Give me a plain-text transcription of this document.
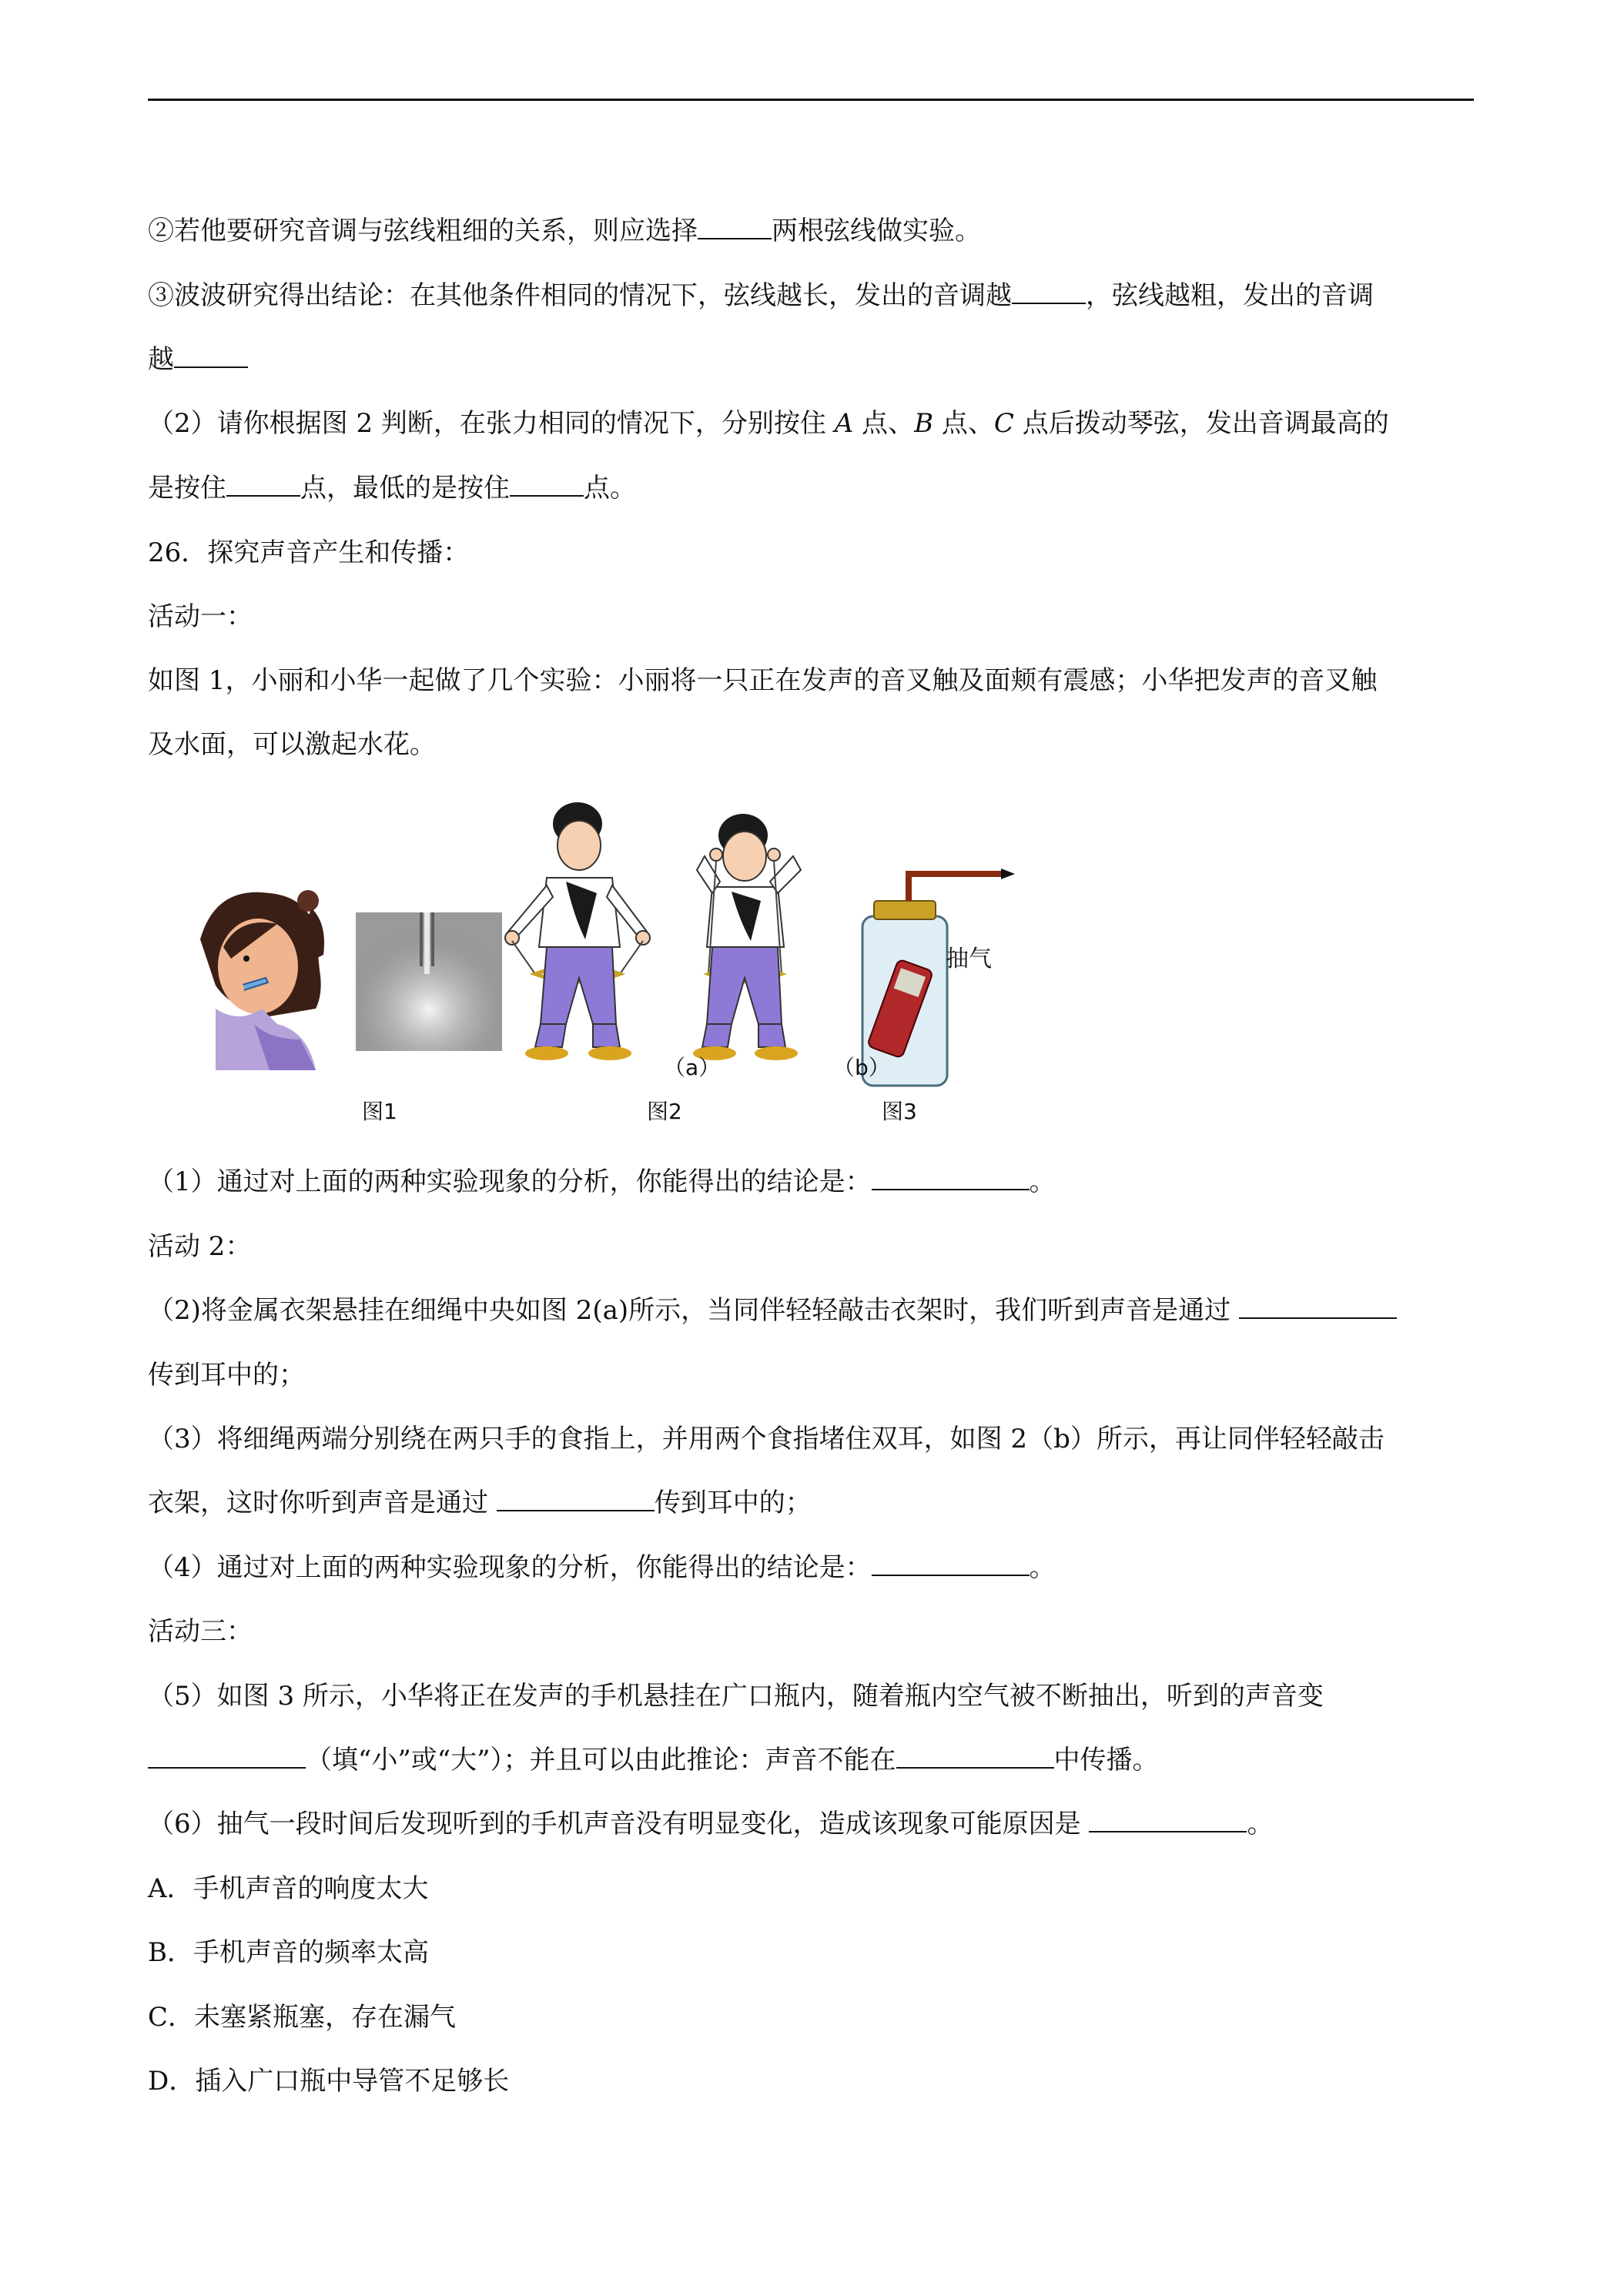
②若他要研究音调与弦线粗细的关系，则应选择	两根弦线做实验。
③波波研究得出结论：在其他条件相同的情况下，弦线越长，发出的音调越	，弦线越粗，发出的音调
越
（2）请你根据图 2 判断，在张力相同的情况下，分别按住 A 点、B 点、C 点后拨动琴弦，发出音调最高的
是按住	点，最低的是按住	点。
26．探究声音产生和传播：
活动一：
如图 1，小丽和小华一起做了几个实验：小丽将一只正在发声的音叉触及面颊有震感；小华把发声的音叉触
及水面，可以激起水花。
（a）	（b）
抽气
图1	图2	图3
（1）通过对上面的两种实验现象的分析，你能得出的结论是：	。
活动 2：
（2)将金属衣架悬挂在细绳中央如图 2(a)所示，当同伴轻轻敲击衣架时，我们听到声音是通过
传到耳中的；
（3）将细绳两端分别绕在两只手的食指上，并用两个食指堵住双耳，如图 2（b）所示，再让同伴轻轻敲击
衣架，这时你听到声音是通过	传到耳中的；
（4）通过对上面的两种实验现象的分析，你能得出的结论是：	。
活动三：
（5）如图 3 所示，小华将正在发声的手机悬挂在广口瓶内，随着瓶内空气被不断抽出，听到的声音变
（填“小”或“大”）；并且可以由此推论：声音不能在	中传播。
（6）抽气一段时间后发现听到的手机声音没有明显变化，造成该现象可能原因是	。
A．手机声音的响度太大
B．手机声音的频率太高
C．未塞紧瓶塞，存在漏气
D．插入广口瓶中导管不足够长
